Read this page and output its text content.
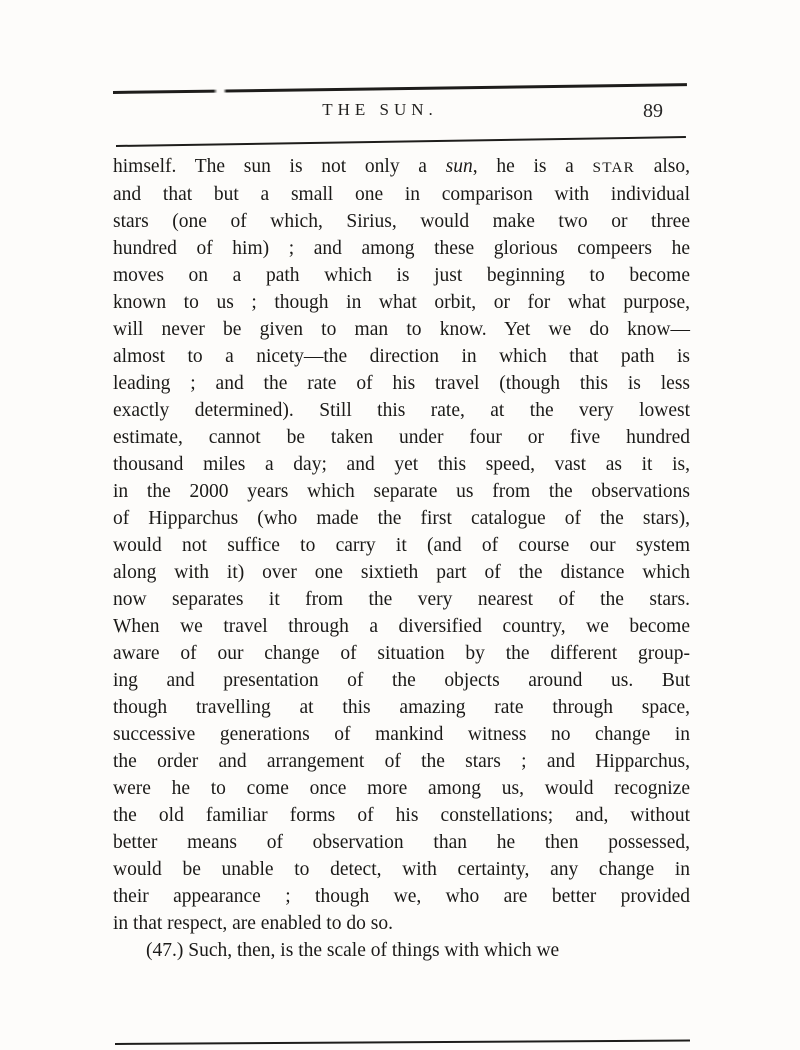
THE SUN.	89
himself. The sun is not only a sun, he is a STAR also,
and that but a small one in comparison with individual
stars (one of which, Sirius, would make two or three
hundred of him) ; and among these glorious compeers he
moves on a path which is just beginning to become
known to us ; though in what orbit, or for what purpose,
will never be given to man to know. Yet we do know—
almost to a nicety—the direction in which that path is
leading ; and the rate of his travel (though this is less
exactly determined). Still this rate, at the very lowest
estimate, cannot be taken under four or five hundred
thousand miles a day; and yet this speed, vast as it is,
in the 2000 years which separate us from the observations
of Hipparchus (who made the first catalogue of the stars),
would not suffice to carry it (and of course our system
along with it) over one sixtieth part of the distance which
now separates it from the very nearest of the stars.
When we travel through a diversified country, we become
aware of our change of situation by the different group-
ing and presentation of the objects around us. But
though travelling at this amazing rate through space,
successive generations of mankind witness no change in
the order and arrangement of the stars ; and Hipparchus,
were he to come once more among us, would recognize
the old familiar forms of his constellations; and, without
better means of observation than he then possessed,
would be unable to detect, with certainty, any change in
their appearance ; though we, who are better provided
in that respect, are enabled to do so.
(47.) Such, then, is the scale of things with which we
